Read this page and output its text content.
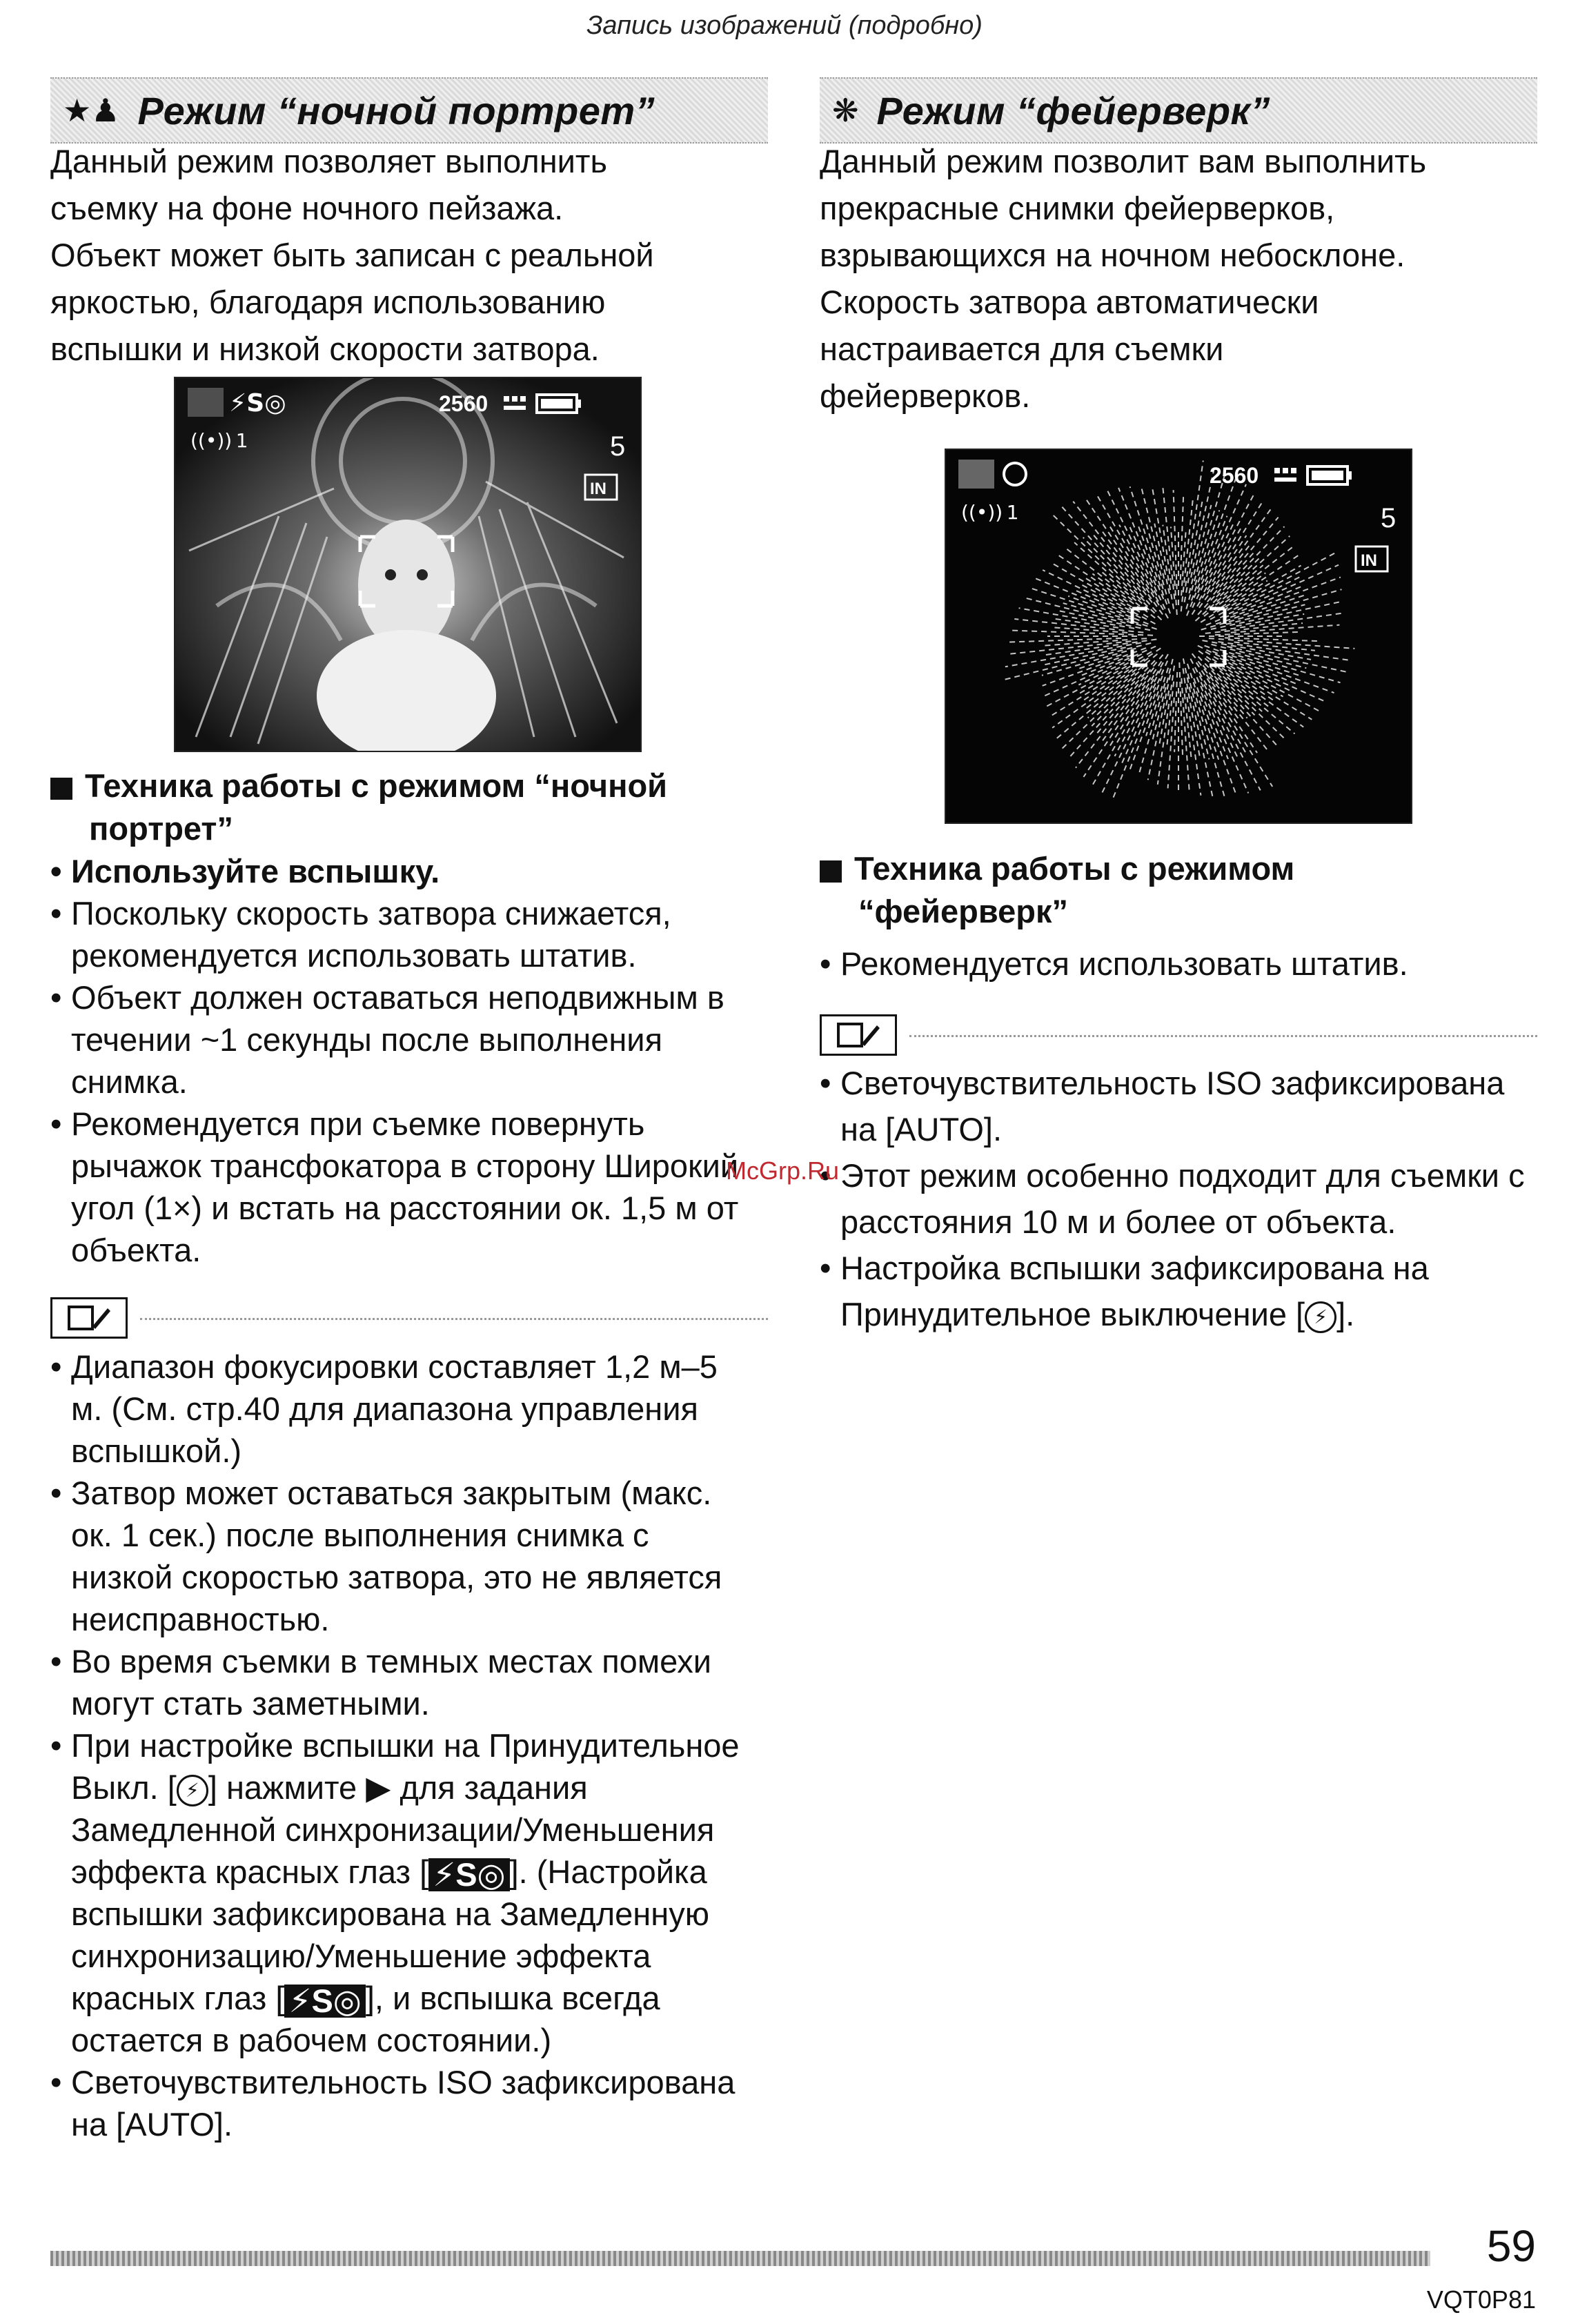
Запись изображений (подробно)
★♟ Режим “ночной портрет”

Данный режим позволяет выполнить

съемку на фоне ночного пейзажа.

Объект может быть записан с реальной

яркостью, благодаря использованию

вспышки и низкой скорости затвора.

⚡S◎	2560
((•)) 1	5
IN
Техника работы с режимом “ночной
портрет”
• Используйте вспышку.
• Поскольку скорость затвора снижается, рекомендуется использовать штатив.
• Объект должен оставаться неподвижным в течении ~1 секунды после выполнения снимка.
• Рекомендуется при съемке повернуть рычажок трансфокатора в сторону Широкий угол (1×) и встать на расстоянии ок. 1,5 м от объекта.
• Диапазон фокусировки составляет 1,2 м–5 м. (См. стр.40 для диапазона управления вспышкой.)
• Затвор может оставаться закрытым (макс. ок. 1 сек.) после выполнения снимка с низкой скоростью затвора, это не является неисправностью.
• Во время съемки в темных местах помехи могут стать заметными.
• При настройке вспышки на Принудительное Выкл. [ ⚡ ] нажмите ▶ для задания Замедленной синхронизации/Уменьшения эффекта красных глаз [ ⚡S◎ ]. (Настройка вспышки зафиксирована на Замедленную синхронизацию/Уменьшение эффекта красных глаз [ ⚡S◎ ], и вспышка всегда остается в рабочем состоянии.)
• Светочувствительность ISO зафиксирована на [AUTO].
❋ Режим “фейерверк”

Данный режим позволит вам выполнить

прекрасные снимки фейерверков,

взрывающихся на ночном небосклоне.

Скорость затвора автоматически

настраивается для съемки

фейерверков.

2560
((•)) 1	5
IN
Техника работы с режимом
“фейерверк”
• Рекомендуется использовать штатив.
• Светочувствительность ISO зафиксирована на [AUTO].
• Этот режим особенно подходит для съемки с расстояния 10 м и более от объекта.
• Настройка вспышки зафиксирована на Принудительное выключение [ ⚡ ].
McGrp.Ru
59
VQT0P81
